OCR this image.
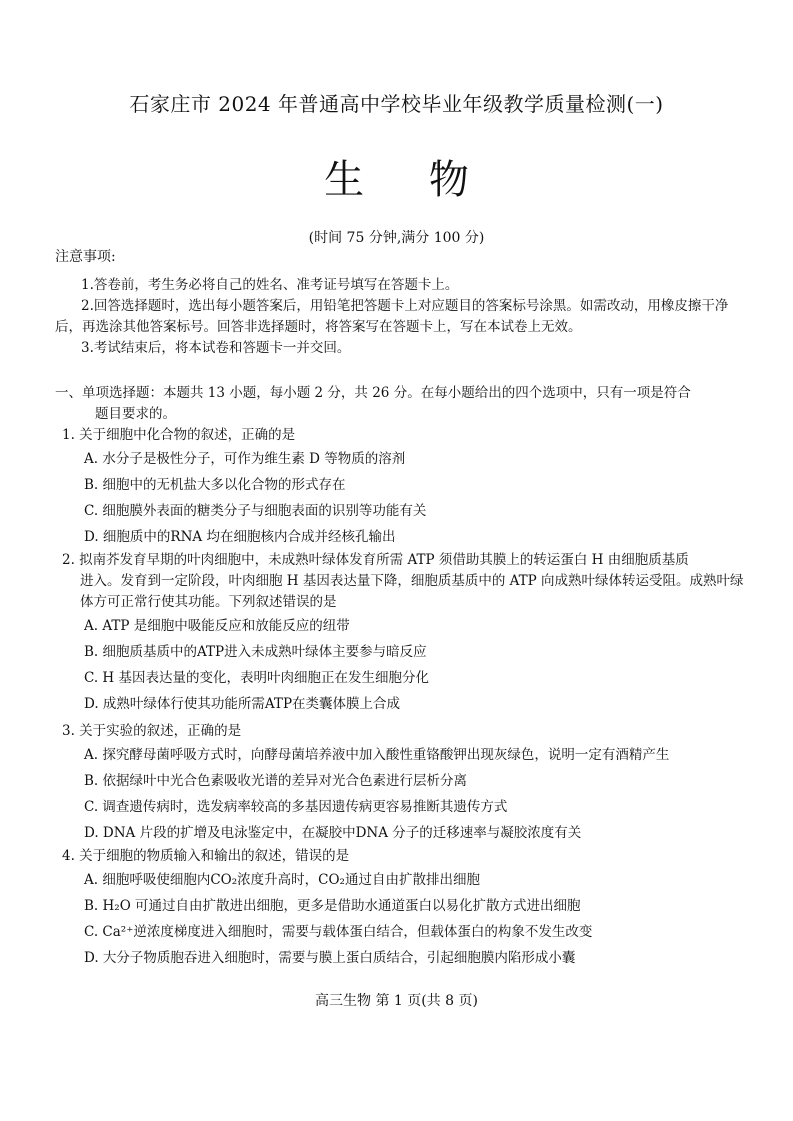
石家庄市 2024 年普通高中学校毕业年级教学质量检测(一)
生 物
(时间 75 分钟,满分 100 分)
注意事项:

1.答卷前，考生务必将自己的姓名、准考证号填写在答题卡上。

2.回答选择题时，选出每小题答案后，用铅笔把答题卡上对应题目的答案标号涂黑。如需改动，用橡皮擦干净后，再选涂其他答案标号。回答非选择题时，将答案写在答题卡上，写在本试卷上无效。

3.考试结束后，将本试卷和答题卡一并交回。

一、单项选择题：本题共 13 小题，每小题 2 分，共 26 分。在每小题给出的四个选项中，只有一项是符合

题目要求的。

1. 关于细胞中化合物的叙述，正确的是

A. 水分子是极性分子，可作为维生素 D 等物质的溶剂

B. 细胞中的无机盐大多以化合物的形式存在

C. 细胞膜外表面的糖类分子与细胞表面的识别等功能有关

D. 细胞质中的RNA 均在细胞核内合成并经核孔输出

2. 拟南芥发育早期的叶肉细胞中，未成熟叶绿体发育所需 ATP 须借助其膜上的转运蛋白 H 由细胞质基质
进入。发育到一定阶段，叶肉细胞 H 基因表达量下降，细胞质基质中的 ATP 向成熟叶绿体转运受阻。成熟叶绿体方可正常行使其功能。下列叙述错误的是

A. ATP 是细胞中吸能反应和放能反应的纽带

B. 细胞质基质中的ATP进入未成熟叶绿体主要参与暗反应

C. H 基因表达量的变化，表明叶肉细胞正在发生细胞分化

D. 成熟叶绿体行使其功能所需ATP在类囊体膜上合成

3. 关于实验的叙述，正确的是

A. 探究酵母菌呼吸方式时，向酵母菌培养液中加入酸性重铬酸钾出现灰绿色，说明一定有酒精产生

B. 依据绿叶中光合色素吸收光谱的差异对光合色素进行层析分离

C. 调查遗传病时，选发病率较高的多基因遗传病更容易推断其遗传方式

D. DNA 片段的扩增及电泳鉴定中，在凝胶中DNA 分子的迁移速率与凝胶浓度有关

4. 关于细胞的物质输入和输出的叙述，错误的是

A. 细胞呼吸使细胞内CO₂浓度升高时，CO₂通过自由扩散排出细胞

B. H₂O 可通过自由扩散进出细胞，更多是借助水通道蛋白以易化扩散方式进出细胞

C. Ca²⁺逆浓度梯度进入细胞时，需要与载体蛋白结合，但载体蛋白的构象不发生改变

D. 大分子物质胞吞进入细胞时，需要与膜上蛋白质结合，引起细胞膜内陷形成小囊

高三生物 第 1 页(共 8 页)
